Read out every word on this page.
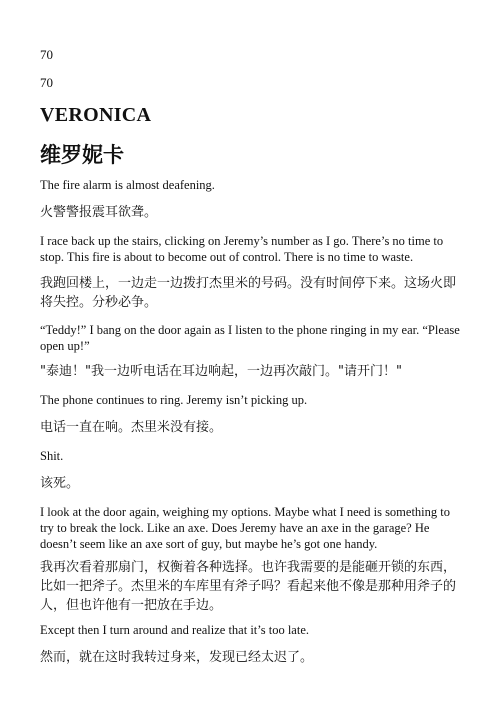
70
70
VERONICA
维罗妮卡
The fire alarm is almost deafening.
火警警报震耳欲聋。
I race back up the stairs, clicking on Jeremy’s number as I go. There’s no time to stop. This fire is about to become out of control. There is no time to waste.
我跑回楼上，一边走一边拨打杰里米的号码。没有时间停下来。这场火即将失控。分秒必争。
“Teddy!” I bang on the door again as I listen to the phone ringing in my ear. “Please open up!”
"泰迪！"我一边听电话在耳边响起，一边再次敲门。"请开门！"
The phone continues to ring. Jeremy isn’t picking up.
电话一直在响。杰里米没有接。
Shit.
该死。
I look at the door again, weighing my options. Maybe what I need is something to try to break the lock. Like an axe. Does Jeremy have an axe in the garage? He doesn’t seem like an axe sort of guy, but maybe he’s got one handy.
我再次看着那扇门，权衡着各种选择。也许我需要的是能砸开锁的东西，比如一把斧子。杰里米的车库里有斧子吗？看起来他不像是那种用斧子的人，但也许他有一把放在手边。
Except then I turn around and realize that it’s too late.
然而，就在这时我转过身来，发现已经太迟了。
